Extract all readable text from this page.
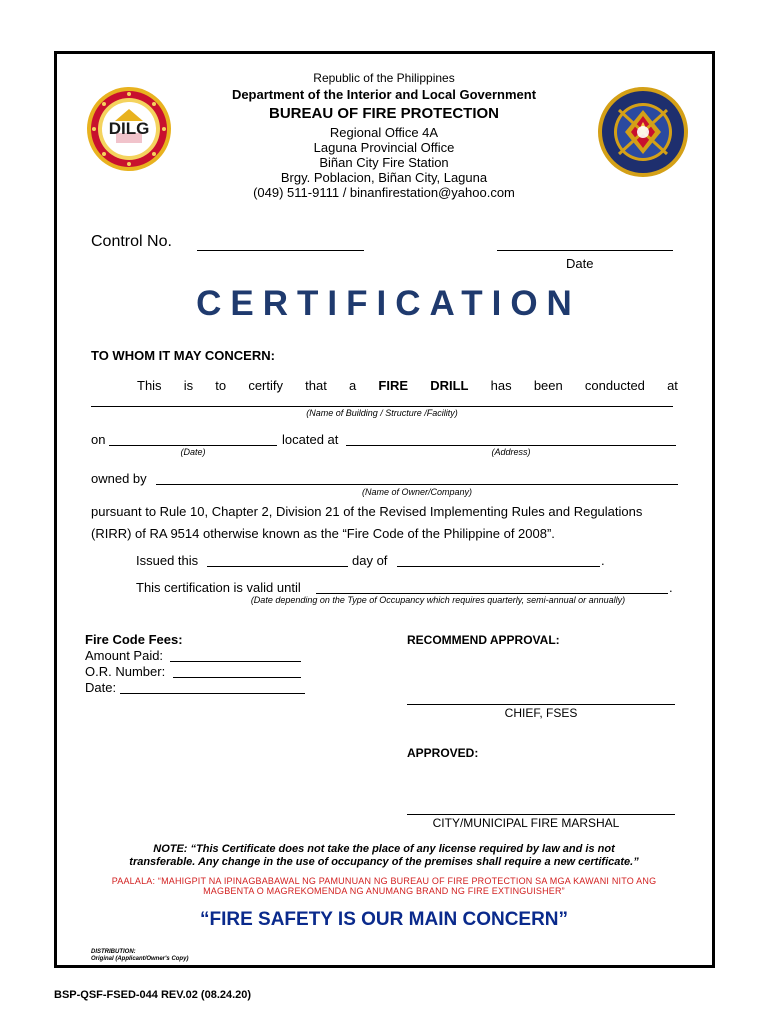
DILG
Republic of the Philippines
Department of the Interior and Local Government
BUREAU OF FIRE PROTECTION
Regional Office 4A
Laguna Provincial Office
Biñan City Fire Station
Brgy. Poblacion, Biñan City, Laguna
(049) 511-9111 / binanfirestation@yahoo.com
Control No.
Date
CERTIFICATION
TO WHOM IT MAY CONCERN:
This is to certify that a FIRE DRILL has been conducted at
(Name of Building / Structure /Facility)
on	located at
(Date)	(Address)
owned by
(Name of Owner/Company)
pursuant to Rule 10, Chapter 2, Division 21 of the Revised Implementing Rules and Regulations
(RIRR) of RA 9514 otherwise known as the “Fire Code of the Philippine of 2008”.
Issued this	day of	.
This certification is valid until	.
(Date depending on the Type of Occupancy which requires quarterly, semi-annual or annually)
Fire Code Fees:
Amount Paid:
O.R. Number:
Date:
RECOMMEND APPROVAL:
CHIEF, FSES
APPROVED:
CITY/MUNICIPAL FIRE MARSHAL
NOTE: “This Certificate does not take the place of any license required by law and is not
transferable. Any change in the use of occupancy of the premises shall require a new certificate.”
PAALALA: “MAHIGPIT NA IPINAGBABAWAL NG PAMUNUAN NG BUREAU OF FIRE PROTECTION SA MGA KAWANI NITO ANG
MAGBENTA O MAGREKOMENDA NG ANUMANG BRAND NG FIRE EXTINGUISHER”
“FIRE SAFETY IS OUR MAIN CONCERN”
DISTRIBUTION:
Original (Applicant/Owner's Copy)
BSP-QSF-FSED-044 REV.02 (08.24.20)
